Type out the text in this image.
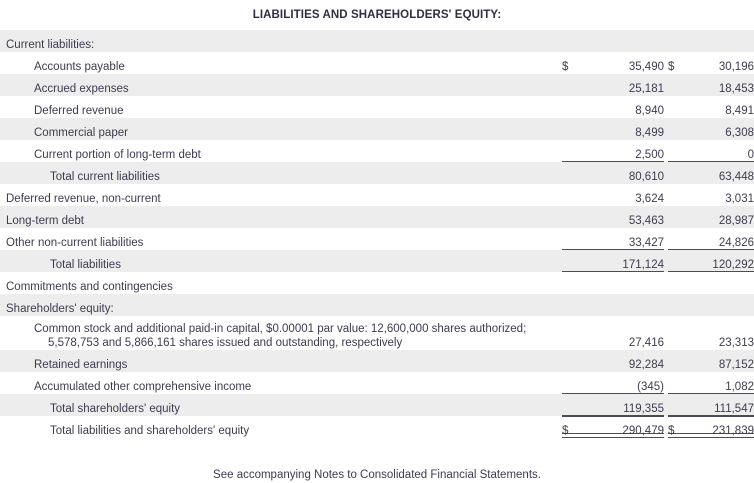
LIABILITIES AND SHAREHOLDERS' EQUITY:
Current liabilities:					
Accounts payable	$	35,490		$	30,196
Accrued expenses		25,181			18,453
Deferred revenue		8,940			8,491
Commercial paper		8,499			6,308
Current portion of long-term debt		2,500			0
Total current liabilities		80,610			63,448
Deferred revenue, non-current		3,624			3,031
Long-term debt		53,463			28,987
Other non-current liabilities		33,427			24,826
Total liabilities		171,124			120,292
Commitments and contingencies					
Shareholders' equity:					
Common stock and additional paid-in capital, $0.00001 par value: 12,600,000 shares authorized;
5,578,753 and 5,866,161 shares issued and outstanding, respectively		27,416			23,313
Retained earnings		92,284			87,152
Accumulated other comprehensive income		(345)			1,082
Total shareholders' equity		119,355			111,547
Total liabilities and shareholders' equity	$	290,479		$	231,839
See accompanying Notes to Consolidated Financial Statements.
